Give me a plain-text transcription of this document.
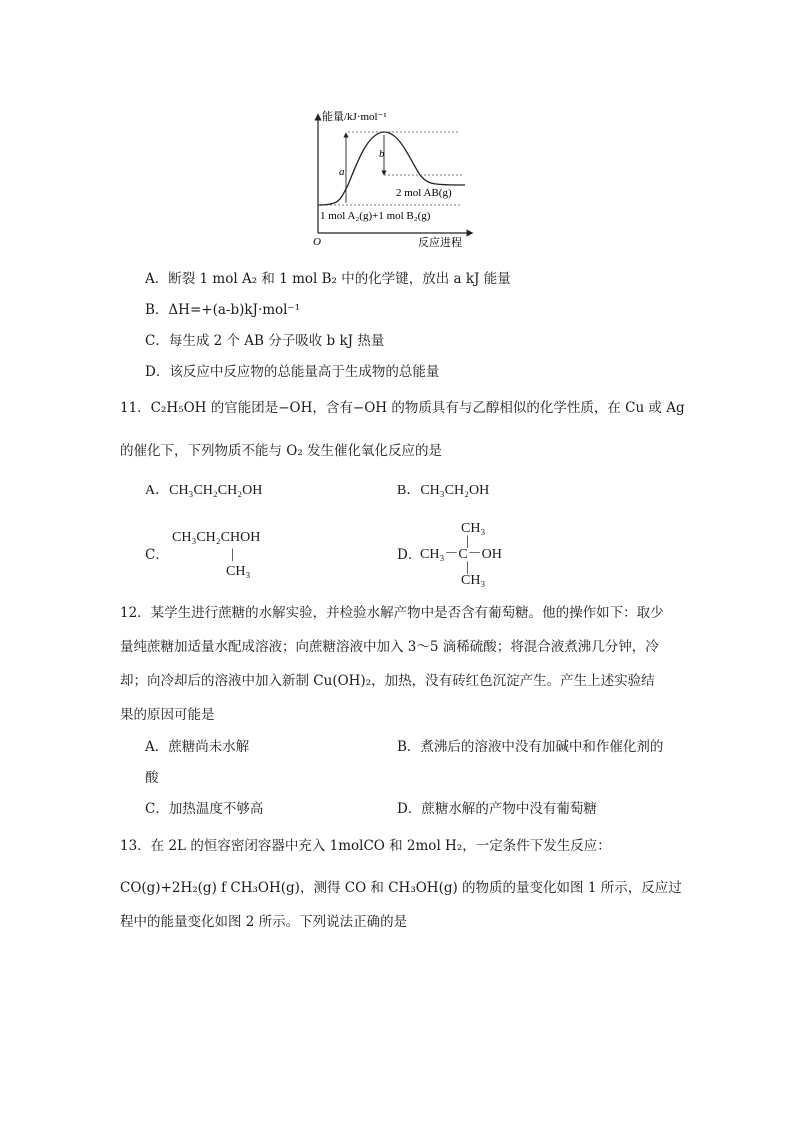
能量/kJ·mol⁻¹
a
b
2 mol AB(g)
1 mol A₂(g)+1 mol B₂(g)
O	反应进程
A．断裂 1 mol A₂ 和 1 mol B₂ 中的化学键，放出 a kJ 能量
B．ΔH=+(a-b)kJ·mol⁻¹
C．每生成 2 个 AB 分子吸收 b kJ 热量
D．该反应中反应物的总能量高于生成物的总能量
11．C₂H₅OH 的官能团是−OH，含有−OH 的物质具有与乙醇相似的化学性质，在 Cu 或 Ag
的催化下，下列物质不能与 O₂ 发生催化氧化反应的是
A．CH₃CH₂CH₂OH	B．CH₃CH₂OH
C．
CH₃CH₂CHOH
|
CH₃
D．
CH₃
|
CH₃－C－OH
|
CH₃
12．某学生进行蔗糖的水解实验，并检验水解产物中是否含有葡萄糖。他的操作如下：取少
量纯蔗糖加适量水配成溶液；向蔗糖溶液中加入 3～5 滴稀硫酸；将混合液煮沸几分钟，冷
却；向冷却后的溶液中加入新制 Cu(OH)₂，加热，没有砖红色沉淀产生。产生上述实验结
果的原因可能是
A．蔗糖尚未水解	B．煮沸后的溶液中没有加碱中和作催化剂的
酸
C．加热温度不够高	D．蔗糖水解的产物中没有葡萄糖
13．在 2L 的恒容密闭容器中充入 1molCO 和 2mol H₂，一定条件下发生反应：
CO(g)+2H₂(g) f CH₃OH(g)，测得 CO 和 CH₃OH(g) 的物质的量变化如图 1 所示，反应过
程中的能量变化如图 2 所示。下列说法正确的是
